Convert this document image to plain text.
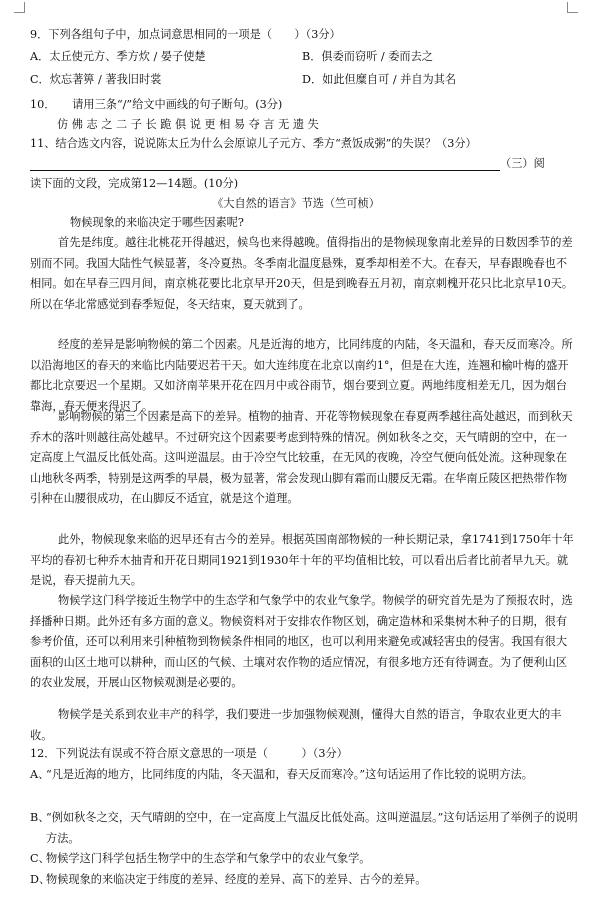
9．下列各组句子中，加点词意思相同的一项是（　　）（3分）
A．太丘使元方、季方炊 / 晏子使楚	B．俱委而窃听 / 委而去之
C．炊忘著箅 / 著我旧时裳	D．如此但糜自可 / 并自为其名
10．　　请用三条“/”给文中画线的句子断句。(3分)
仿 佛 志 之 二 子 长 跪 俱 说 更 相 易 夺 言 无 遗 失
11、结合选文内容，说说陈太丘为什么会原谅儿子元方、季方“煮饭成粥”的失误？（3分）
（三）阅
读下面的文段，完成第12—14题。(10分)
《大自然的语言》节选（竺可桢）
物候现象的来临决定于哪些因素呢?
首先是纬度。越往北桃花开得越迟，候鸟也来得越晚。值得指出的是物候现象南北差异的日数因季节的差别而不同。我国大陆性气候显著，冬冷夏热。冬季南北温度悬殊，夏季却相差不大。在春天，早春跟晚春也不相同。如在早春三四月间，南京桃花要比北京早开20天，但是到晚春五月初，南京刺槐开花只比北京早10天。所以在华北常感觉到春季短促，冬天结束，夏天就到了。
经度的差异是影响物候的第二个因素。凡是近海的地方，比同纬度的内陆，冬天温和，春天反而寒冷。所以沿海地区的春天的来临比内陆要迟若干天。如大连纬度在北京以南约1°，但是在大连，连翘和榆叶梅的盛开都比北京要迟一个星期。又如济南苹果开花在四月中或谷雨节，烟台要到立夏。两地纬度相差无几，因为烟台靠海，春天便来得迟了。
影响物候的第三个因素是高下的差异。植物的抽青、开花等物候现象在春夏两季越往高处越迟，而到秋天乔木的落叶则越往高处越早。不过研究这个因素要考虑到特殊的情况。例如秋冬之交，天气晴朗的空中，在一定高度上气温反比低处高。这叫逆温层。由于冷空气比较重，在无风的夜晚，冷空气便向低处流。这种现象在山地秋冬两季，特别是这两季的早晨，极为显著，常会发现山脚有霜而山腰反无霜。在华南丘陵区把热带作物引种在山腰很成功，在山脚反不适宜，就是这个道理。
此外，物候现象来临的迟早还有古今的差异。根据英国南部物候的一种长期记录，拿1741到1750年十年平均的春初七种乔木抽青和开花日期同1921到1930年十年的平均值相比较，可以看出后者比前者早九天。就是说，春天提前九天。
物候学这门科学接近生物学中的生态学和气象学中的农业气象学。物候学的研究首先是为了预报农时，选择播种日期。此外还有多方面的意义。物候资料对于安排农作物区划，确定造林和采集树木种子的日期，很有参考价值，还可以利用来引种植物到物候条件相同的地区，也可以利用来避免或减轻害虫的侵害。我国有很大面积的山区土地可以耕种，而山区的气候、土壤对农作物的适应情况，有很多地方还有待调查。为了便利山区的农业发展，开展山区物候观测是必要的。
物候学是关系到农业丰产的科学，我们要进一步加强物候观测，懂得大自然的语言，争取农业更大的丰收。
12．下列说法有误或不符合原文意思的一项是（　　　）（3分）
A、
“凡是近海的地方，比同纬度的内陆，冬天温和，春天反而寒冷。”这句话运用了作比较的说明方法。
B、
“例如秋冬之交，天气晴朗的空中，在一定高度上气温反比低处高。这叫逆温层。”这句话运用了举例子的说明方法。
C、
物候学这门科学包括生物学中的生态学和气象学中的农业气象学。
D、
物候现象的来临决定于纬度的差异、经度的差异、高下的差异、古今的差异。
